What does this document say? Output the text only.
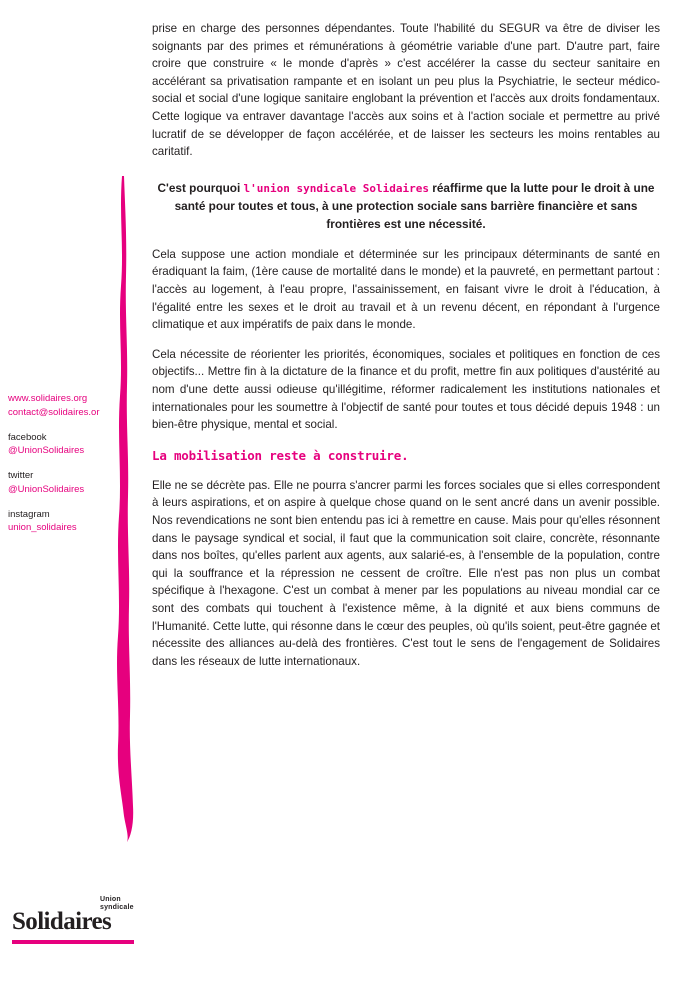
www.solidaires.org
contact@solidaires.or
facebook
@UnionSolidaires
twitter
@UnionSolidaires
instagram
union_solidaires

prise en charge des personnes dépendantes. Toute l'habilité du SEGUR va être de diviser les soignants par des primes et rémunérations à géométrie variable d'une part. D'autre part, faire croire que construire « le monde d'après » c'est accélérer la casse du secteur sanitaire en accélérant sa privatisation rampante et en isolant un peu plus la Psychiatrie, le secteur médico-social et social d'une logique sanitaire englobant la prévention et l'accès aux droits fondamentaux. Cette logique va entraver davantage l'accès aux soins et à l'action sociale et permettre au privé lucratif de se développer de façon accélérée, et de laisser les secteurs les moins rentables au caritatif.

C'est pourquoi l'union syndicale Solidaires réaffirme que la lutte pour le droit à une santé pour toutes et tous, à une protection sociale sans barrière financière et sans frontières est une nécessité.

Cela suppose une action mondiale et déterminée sur les principaux déterminants de santé en éradiquant la faim, (1ère cause de mortalité dans le monde) et la pauvreté, en permettant partout : l'accès au logement, à l'eau propre, l'assainissement, en faisant vivre le droit à l'éducation, à l'égalité entre les sexes et le droit au travail et à un revenu décent, en répondant à l'urgence climatique et aux impératifs de paix dans le monde.

Cela nécessite de réorienter les priorités, économiques, sociales et politiques en fonction de ces objectifs... Mettre fin à la dictature de la finance et du profit, mettre fin aux politiques d'austérité au nom d'une dette aussi odieuse qu'illégitime, réformer radicalement les institutions nationales et internationales pour les soumettre à l'objectif de santé pour toutes et tous décidé depuis 1948 : un bien-être physique, mental et social.

La mobilisation reste à construire.

Elle ne se décrète pas. Elle ne pourra s'ancrer parmi les forces sociales que si elles correspondent à leurs aspirations, et on aspire à quelque chose quand on le sent ancré dans un avenir possible. Nos revendications ne sont bien entendu pas ici à remettre en cause. Mais pour qu'elles résonnent dans le paysage syndical et social, il faut que la communication soit claire, concrète, résonnante dans nos boîtes, qu'elles parlent aux agents, aux salarié-es, à l'ensemble de la population, contre qui la souffrance et la répression ne cessent de croître. Elle n'est pas non plus un combat spécifique à l'hexagone. C'est un combat à mener par les populations au niveau mondial car ce sont des combats qui touchent à l'existence même, à la dignité et aux biens communs de l'Humanité. Cette lutte, qui résonne dans le cœur des peuples, où qu'ils soient, peut-être gagnée et nécessite des alliances au-delà des frontières. C'est tout le sens de l'engagement de Solidaires dans les réseaux de lutte internationaux.

Union
syndicale
Solidaires
